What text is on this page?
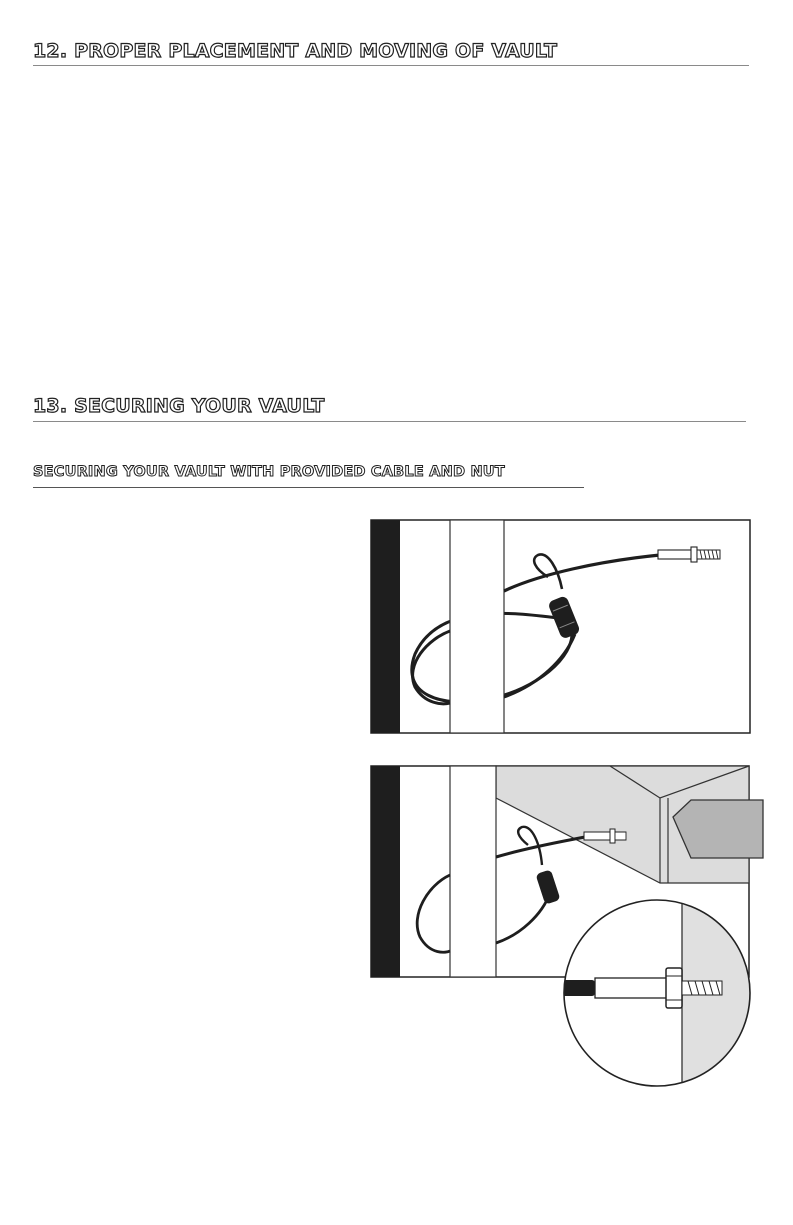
12. PROPER PLACEMENT AND MOVING OF VAULT
13. SECURING YOUR VAULT
SECURING YOUR VAULT WITH PROVIDED CABLE AND NUT
